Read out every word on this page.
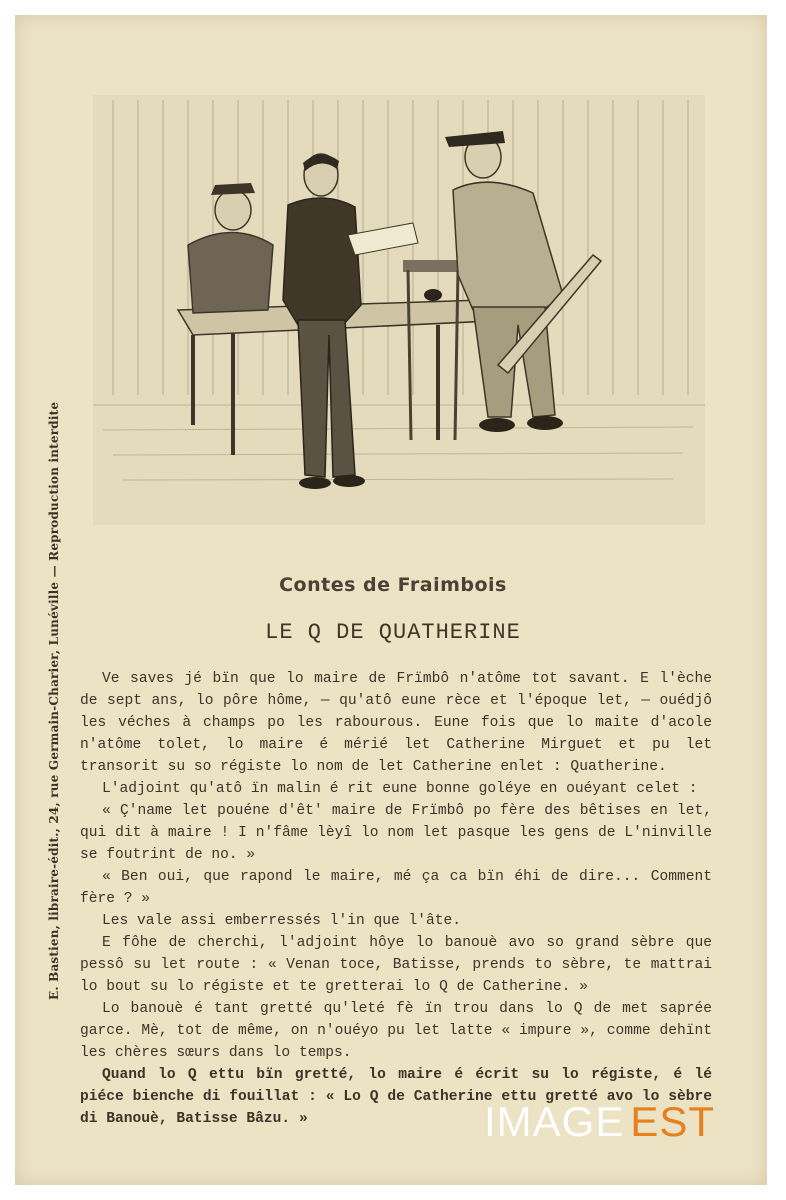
E. Bastien, libraire-édit., 24, rue Germain-Charier, Lunéville — Reproduction interdite	Contes de Fraimbois
LE Q DE QUATHERINE

Ve saves jé bïn que lo maire de Frïmbô n'atôme tot savant. E l'èche de sept ans, lo pôre hôme, — qu'atô eune rèce et l'époque let, — ouédjô les véches à champs po les rabourous. Eune fois que lo maite d'acole n'atôme tolet, lo maire é mérié let Catherine Mirguet et pu let transorit su so régiste lo nom de let Catherine enlet : Quatherine.

L'adjoint qu'atô ïn malin é rit eune bonne goléye en ouéyant celet :

« Ç'name let pouéne d'êt' maire de Frïmbô po fère des bêtises en let, qui dit à maire ! I n'fâme lèyî lo nom let pasque les gens de L'ninville se foutrint de no. »

« Ben oui, que rapond le maire, mé ça ca bïn éhi de dire... Comment fère ? »

Les vale assi emberressés l'in que l'âte.

E fôhe de cherchi, l'adjoint hôye lo banouè avo so grand sèbre que pessô su let route : « Venan toce, Batisse, prends to sèbre, te mattrai lo bout su lo régiste et te gretterai lo Q de Catherine. »

Lo banouè é tant gretté qu'leté fè ïn trou dans lo Q de met saprée garce. Mè, tot de même, on n'ouéyo pu let latte « impure », comme dehïnt les chères sœurs dans lo temps.

Quand lo Q ettu bïn gretté, lo maire é écrit su lo régiste, é lé piéce bienche di fouillat : « Lo Q de Catherine ettu gretté avo lo sèbre di Banouè, Batisse Bâzu. »	IMAGE EST
